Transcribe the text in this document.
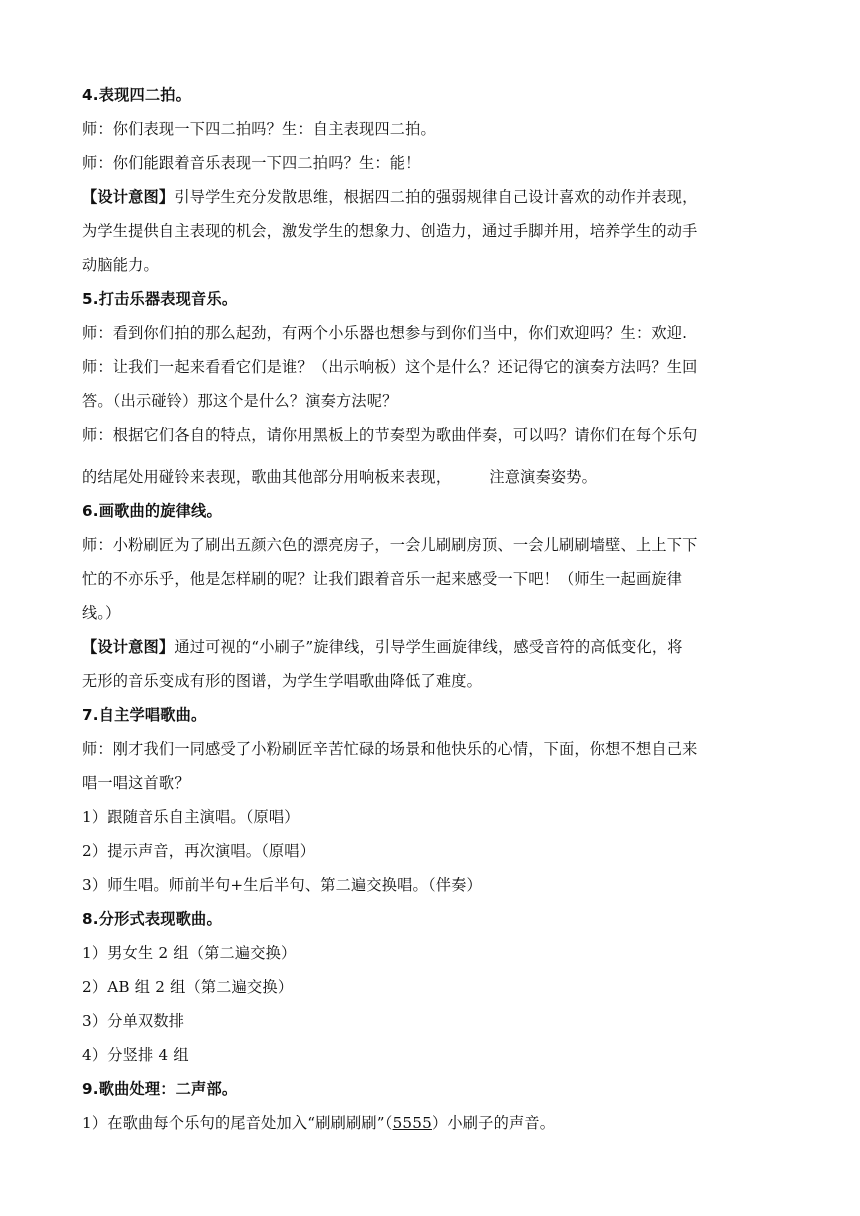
4.表现四二拍。
师：你们表现一下四二拍吗？生：自主表现四二拍。
师：你们能跟着音乐表现一下四二拍吗？生：能！
【设计意图】引导学生充分发散思维，根据四二拍的强弱规律自己设计喜欢的动作并表现，
为学生提供自主表现的机会，激发学生的想象力、创造力，通过手脚并用，培养学生的动手
动脑能力。
5.打击乐器表现音乐。
师：看到你们拍的那么起劲，有两个小乐器也想参与到你们当中，你们欢迎吗？生：欢迎.
师：让我们一起来看看它们是谁？（出示响板）这个是什么？还记得它的演奏方法吗？生回
答。（出示碰铃）那这个是什么？演奏方法呢？
师：根据它们各自的特点，请你用黑板上的节奏型为歌曲伴奏，可以吗？请你们在每个乐句
的结尾处用碰铃来表现，歌曲其他部分用响板来表现，	注意演奏姿势。
6.画歌曲的旋律线。
师：小粉刷匠为了刷出五颜六色的漂亮房子，一会儿刷刷房顶、一会儿刷刷墙壁、上上下下
忙的不亦乐乎，他是怎样刷的呢？让我们跟着音乐一起来感受一下吧！（师生一起画旋律
线。）
【设计意图】通过可视的“小刷子”旋律线，引导学生画旋律线，感受音符的高低变化，将
无形的音乐变成有形的图谱，为学生学唱歌曲降低了难度。
7.自主学唱歌曲。
师：刚才我们一同感受了小粉刷匠辛苦忙碌的场景和他快乐的心情，下面，你想不想自己来
唱一唱这首歌？
1）跟随音乐自主演唱。（原唱）
2）提示声音，再次演唱。（原唱）
3）师生唱。师前半句+生后半句、第二遍交换唱。（伴奏）
8.分形式表现歌曲。
1）男女生 2 组（第二遍交换）
2）AB 组 2 组（第二遍交换）
3）分单双数排
4）分竖排 4 组
9.歌曲处理：二声部。
1）在歌曲每个乐句的尾音处加入“刷刷刷刷”（5555）小刷子的声音。
